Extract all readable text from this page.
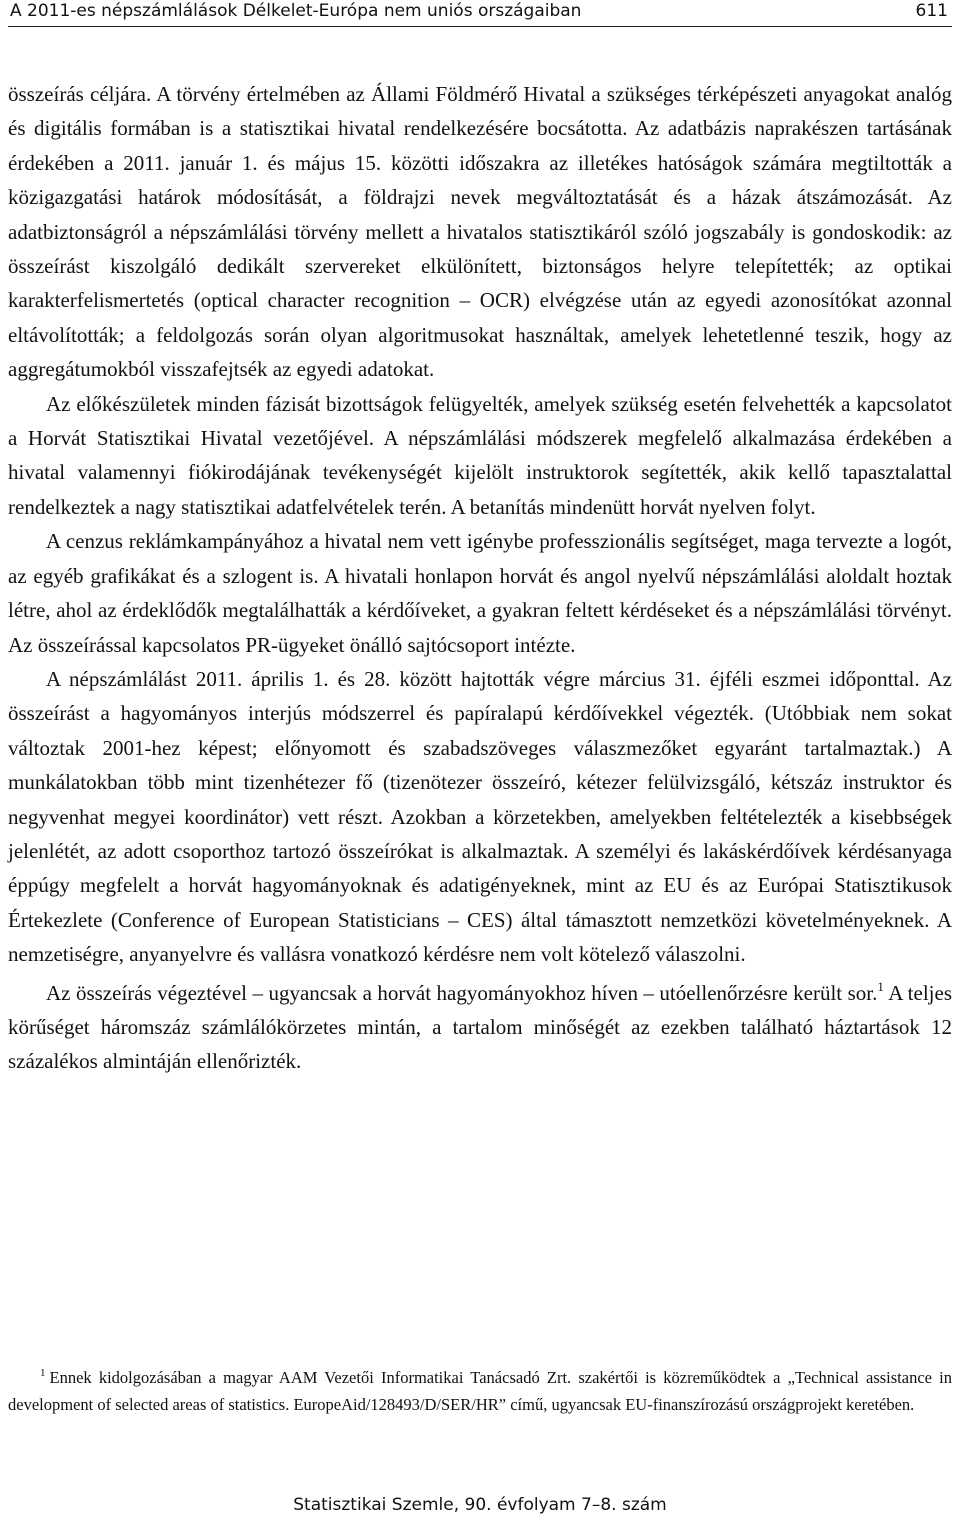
A 2011-es népszámlálások Délkelet-Európa nem uniós országaiban	611

összeírás céljára. A törvény értelmében az Állami Földmérő Hivatal a szükséges térképészeti anyagokat analóg és digitális formában is a statisztikai hivatal rendelkezésére bocsátotta. Az adatbázis naprakészen tartásának érdekében a 2011. január 1. és május 15. közötti időszakra az illetékes hatóságok számára megtiltották a közigazgatási határok módosítását, a földrajzi nevek megváltoztatását és a házak átszámozását. Az adatbiztonságról a népszámlálási törvény mellett a hivatalos statisztikáról szóló jogszabály is gondoskodik: az összeírást kiszolgáló dedikált szervereket elkülönített, biztonságos helyre telepítették; az optikai karakterfelismertetés (optical character recognition – OCR) elvégzése után az egyedi azonosítókat azonnal eltávolították; a feldolgozás során olyan algoritmusokat használtak, amelyek lehetetlenné teszik, hogy az aggregátumokból visszafejtsék az egyedi adatokat.

Az előkészületek minden fázisát bizottságok felügyelték, amelyek szükség esetén felvehették a kapcsolatot a Horvát Statisztikai Hivatal vezetőjével. A népszámlálási módszerek megfelelő alkalmazása érdekében a hivatal valamennyi fiókirodájának tevékenységét kijelölt instruktorok segítették, akik kellő tapasztalattal rendelkeztek a nagy statisztikai adatfelvételek terén. A betanítás mindenütt horvát nyelven folyt.

A cenzus reklámkampányához a hivatal nem vett igénybe professzionális segítséget, maga tervezte a logót, az egyéb grafikákat és a szlogent is. A hivatali honlapon horvát és angol nyelvű népszámlálási aloldalt hoztak létre, ahol az érdeklődők megtalálhatták a kérdőíveket, a gyakran feltett kérdéseket és a népszámlálási törvényt. Az összeírással kapcsolatos PR-ügyeket önálló sajtócsoport intézte.

A népszámlálást 2011. április 1. és 28. között hajtották végre március 31. éjféli eszmei időponttal. Az összeírást a hagyományos interjús módszerrel és papíralapú kérdőívekkel végezték. (Utóbbiak nem sokat változtak 2001-hez képest; előnyomott és szabadszöveges válaszmezőket egyaránt tartalmaztak.) A munkálatokban több mint tizenhétezer fő (tizenötezer összeíró, kétezer felülvizsgáló, kétszáz instruktor és negyvenhat megyei koordinátor) vett részt. Azokban a körzetekben, amelyekben feltételezték a kisebbségek jelenlétét, az adott csoporthoz tartozó összeírókat is alkalmaztak. A személyi és lakáskérdőívek kérdésanyaga éppúgy megfelelt a horvát hagyományoknak és adatigényeknek, mint az EU és az Európai Statisztikusok Értekezlete (Conference of European Statisticians – CES) által támasztott nemzetközi követelményeknek. A nemzetiségre, anyanyelvre és vallásra vonatkozó kérdésre nem volt kötelező válaszolni.

Az összeírás végeztével – ugyancsak a horvát hagyományokhoz híven – utóellenőrzésre került sor.$^1$ A teljes körűséget háromszáz számlálókörzetes mintán, a tartalom minőségét az ezekben található háztartások 12 százalékos almintáján ellenőrizték.

$^1$ Ennek kidolgozásában a magyar AAM Vezetői Informatikai Tanácsadó Zrt. szakértői is közreműködtek a „Technical assistance in development of selected areas of statistics. EuropeAid/128493/D/SER/HR” című, ugyancsak EU-finanszírozású országprojekt keretében.

Statisztikai Szemle, 90. évfolyam 7–8. szám
